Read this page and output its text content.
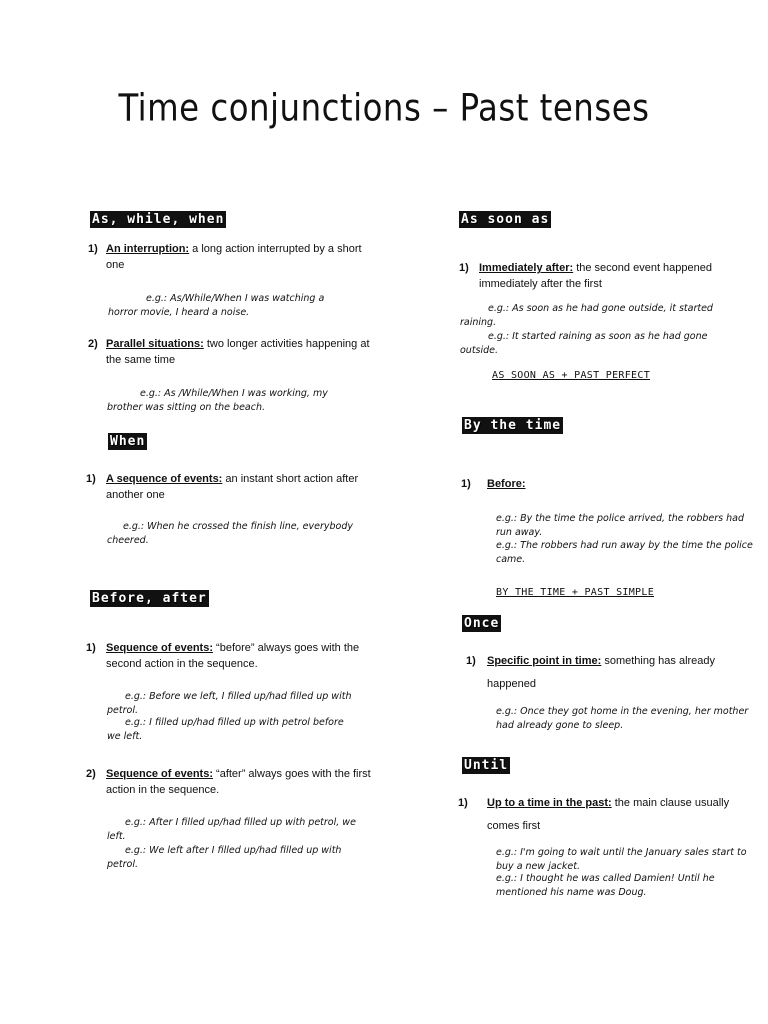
Time conjunctions – Past tenses
As, while, when
1) An interruption: a long action interrupted by a short one
e.g.: As/While/When I was watching a horror movie, I heard a noise.
2) Parallel situations: two longer activities happening at the same time
e.g.: As /While/When I was working, my brother was sitting on the beach.
When
1) A sequence of events: an instant short action after another one
e.g.: When he crossed the finish line, everybody cheered.
Before, after
1) Sequence of events: “before” always goes with the second action in the sequence.
e.g.: Before we left, I filled up/had filled up with petrol.
e.g.: I filled up/had filled up with petrol before we left.
2) Sequence of events: “after” always goes with the first action in the sequence.
e.g.: After I filled up/had filled up with petrol, we left.
e.g.: We left after I filled up/had filled up with petrol.
As soon as
1) Immediately after: the second event happened immediately after the first
e.g.: As soon as he had gone outside, it started raining.
e.g.: It started raining as soon as he had gone outside.
AS SOON AS + PAST PERFECT
By the time
1) Before:
e.g.: By the time the police arrived, the robbers had run away.
e.g.: The robbers had run away by the time the police came.
BY THE TIME + PAST SIMPLE
Once
1) Specific point in time: something has already
happened
e.g.: Once they got home in the evening, her mother had already gone to sleep.
Until
1) Up to a time in the past: the main clause usually
comes first
e.g.: I'm going to wait until the January sales start to buy a new jacket.
e.g.: I thought he was called Damien! Until he mentioned his name was Doug.
